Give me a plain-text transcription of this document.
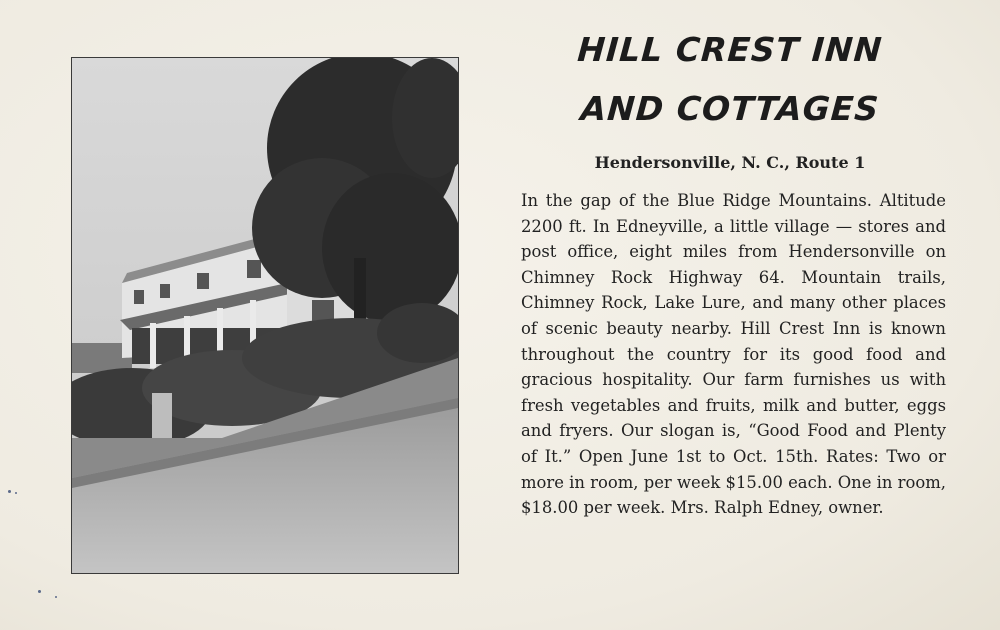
HILL CREST INN
AND COTTAGES

Hendersonville, N. C., Route 1

In the gap of the Blue Ridge Mountains. Altitude 2200 ft. In Edneyville, a little village — stores and post office, eight miles from Hendersonville on Chimney Rock Highway 64. Mountain trails, Chimney Rock, Lake Lure, and many other places of scenic beauty nearby. Hill Crest Inn is known throughout the country for its good food and gracious hospitality. Our farm furnishes us with fresh vegetables and fruits, milk and butter, eggs and fryers. Our slogan is, “Good Food and Plenty of It.” Open June 1st to Oct. 15th. Rates: Two or more in room, per week $15.00 each. One in room, $18.00 per week. Mrs. Ralph Edney, owner.
